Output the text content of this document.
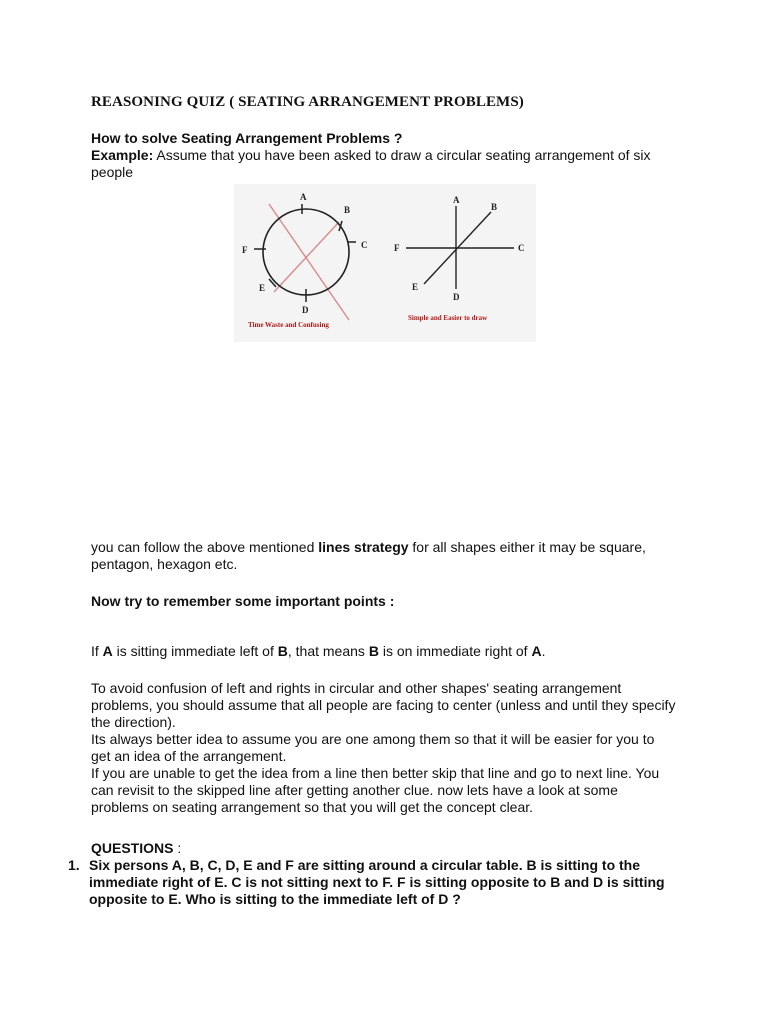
REASONING QUIZ ( SEATING ARRANGEMENT PROBLEMS)
How to solve Seating Arrangement Problems ?
Example: Assume that you have been asked to draw a circular seating arrangement of six people
A
B
C
D
E
F
Time Waste and Confusing
A
B
C
D
E
F
Simple and Easier to draw
you can follow the above mentioned lines strategy for all shapes either it may be square, pentagon, hexagon etc.
Now try to remember some important points :
If A is sitting immediate left of B, that means B is on immediate right of A.
To avoid confusion of left and rights in circular and other shapes' seating arrangement problems, you should assume that all people are facing to center (unless and until they specify the direction).
Its always better idea to assume you are one among them so that it will be easier for you to get an idea of the arrangement.
If you are unable to get the idea from a line then better skip that line and go to next line. You can revisit to the skipped line after getting another clue. now lets have a look at some problems on seating arrangement so that you will get the concept clear.
QUESTIONS :
1. Six persons A, B, C, D, E and F are sitting around a circular table. B is sitting to the immediate right of E. C is not sitting next to F. F is sitting opposite to B and D is sitting opposite to E. Who is sitting to the immediate left of D ?
